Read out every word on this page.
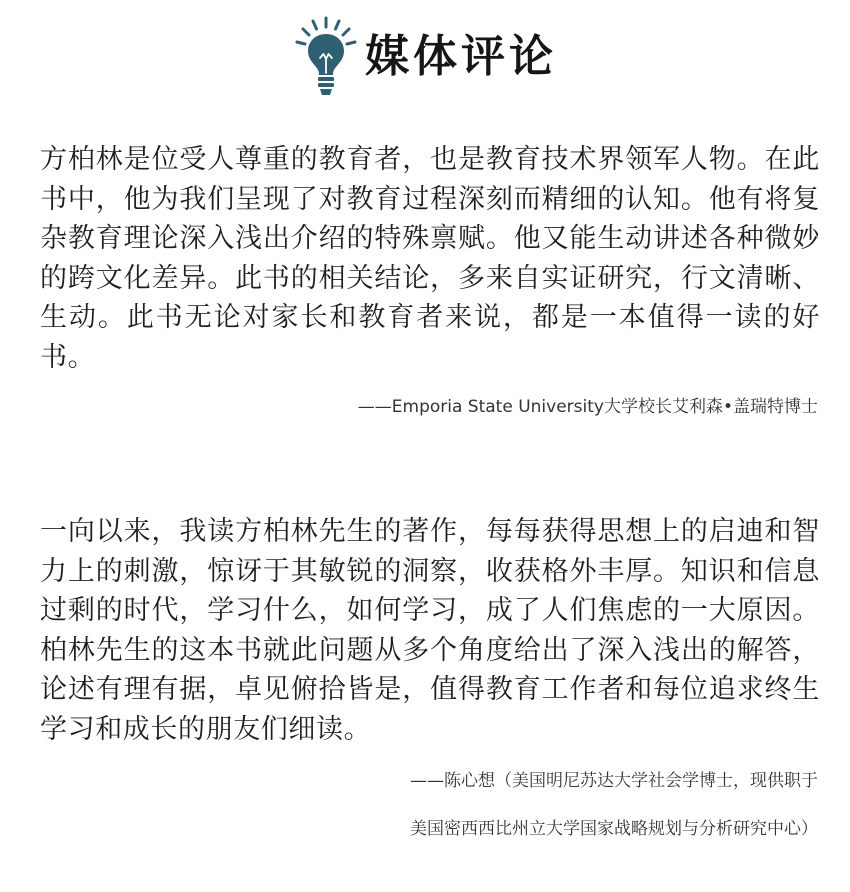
媒体评论

方柏林是位受人尊重的教育者，也是教育技术界领军人物。在此书中，他为我们呈现了对教育过程深刻而精细的认知。他有将复杂教育理论深入浅出介绍的特殊禀赋。他又能生动讲述各种微妙的跨文化差异。此书的相关结论，多来自实证研究，行文清晰、生动。此书无论对家长和教育者来说，都是一本值得一读的好书。

——Emporia State University大学校长艾利森•盖瑞特博士

一向以来，我读方柏林先生的著作，每每获得思想上的启迪和智力上的刺激，惊讶于其敏锐的洞察，收获格外丰厚。知识和信息过剩的时代，学习什么，如何学习，成了人们焦虑的一大原因。柏林先生的这本书就此问题从多个角度给出了深入浅出的解答，论述有理有据，卓见俯拾皆是，值得教育工作者和每位追求终生学习和成长的朋友们细读。

——陈心想（美国明尼苏达大学社会学博士，现供职于

美国密西西比州立大学国家战略规划与分析研究中心）
